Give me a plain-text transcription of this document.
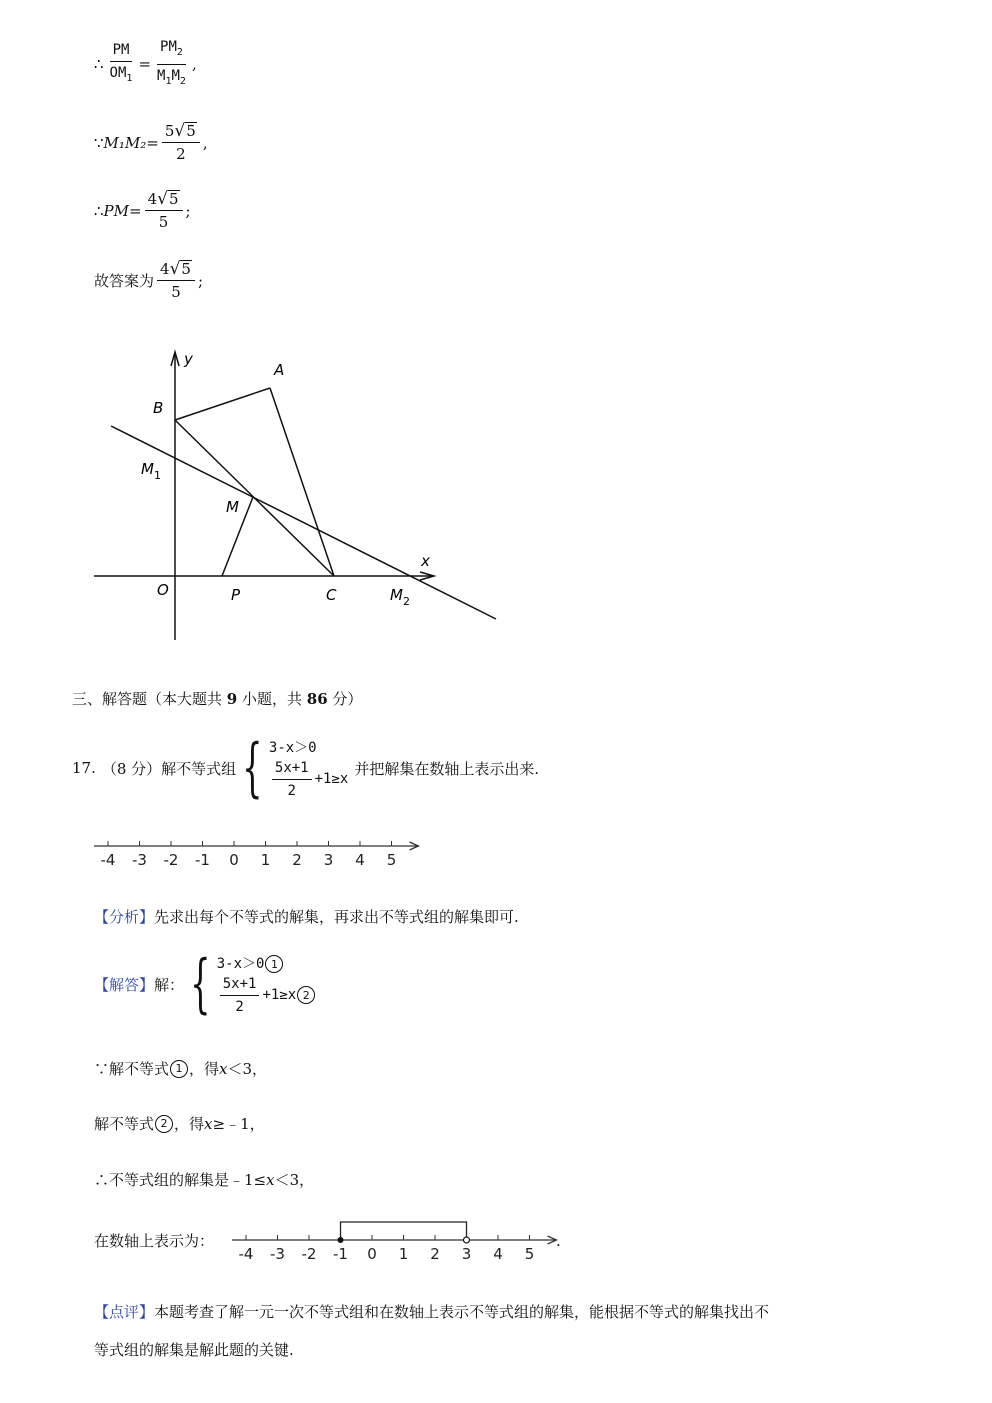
∴ $\frac{PM}{OM_1} = \frac{PM_2}{M_1M_2}$ ,
∵ $M_1M_2 = \frac{5 √ 5}{2}$ ,
∴ PM = $\frac{4 √ 5}{5}$ ;
故答案为 $\frac{4 √ 5}{5}$ ;
y
x
A
B
$M_1$
M
O	P	C	$M_2$
三、解答题（本大题共 9 小题，共 86 分）
17. （8 分）解不等式组 { 3-x＞0
$\frac{5x+1}{2} +1\ge x$
并把解集在数轴上表示出来.
-4 -3 -2 -1 0 1 2 3 4 5
【分析】 先求出每个不等式的解集，再求出不等式组的解集即可.
【解答】 解： { 3-x＞0 1
$\frac{5x+1}{2} +1\ge x$ 2
∵解不等式 1 ，得 x ＜3，
解不等式 2 ，得 x ≥﹣1，
∴不等式组的解集是﹣1≤ x ＜3，
在数轴上表示为：
-4 -3 -2 -1 0 1 2 3 4 5
.
【点评】本题考查了解一元一次不等式组和在数轴上表示不等式组的解集，能根据不等式的解集找出不
等式组的解集是解此题的关键.
